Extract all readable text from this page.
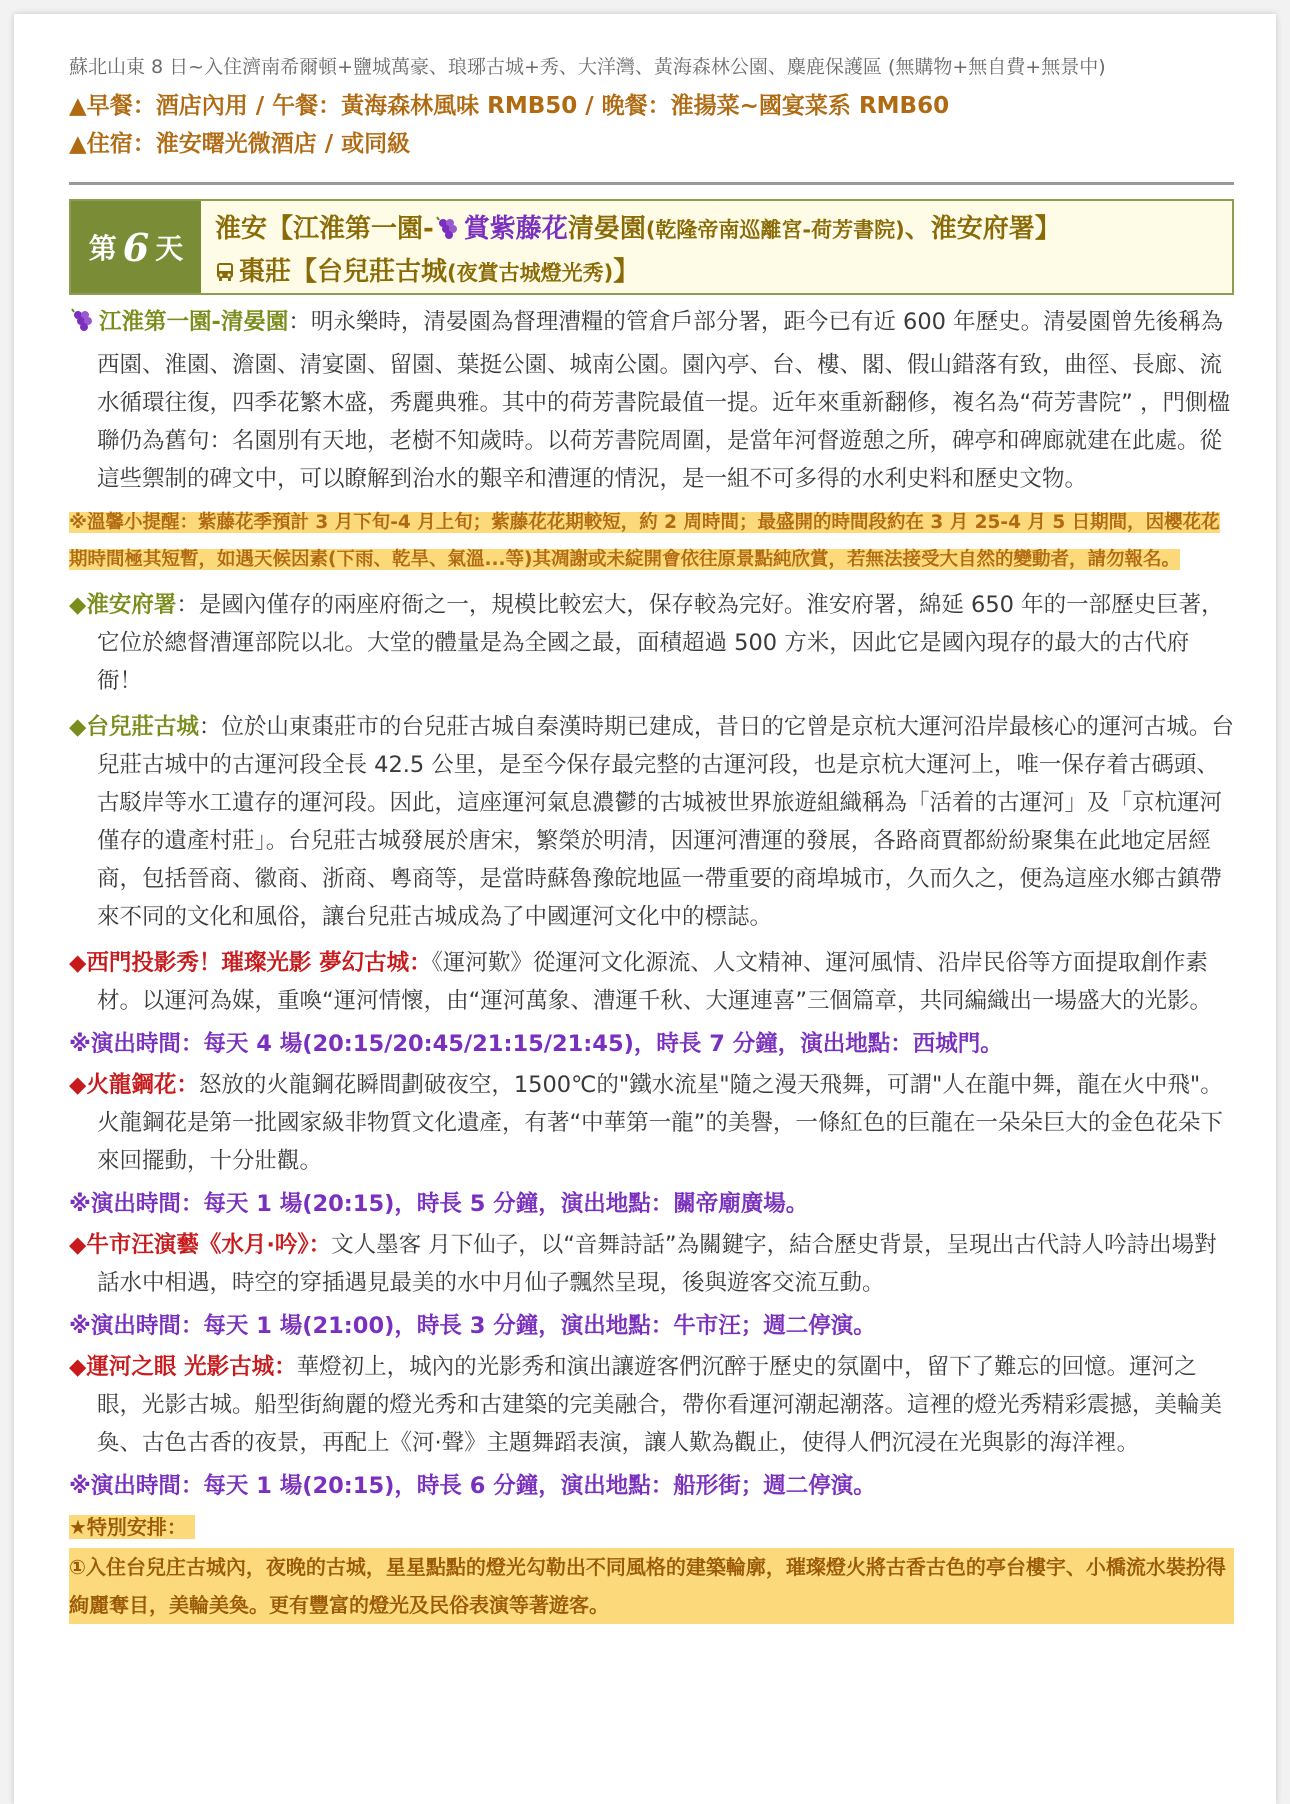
蘇北山東 8 日~入住濟南希爾頓+鹽城萬豪、琅琊古城+秀、大洋灣、黃海森林公園、麋鹿保護區 (無購物+無自費+無景中)
▲早餐：酒店內用 / 午餐：黃海森林風味 RMB50 / 晚餐：淮揚菜~國宴菜系 RMB60
▲住宿：淮安曙光微酒店 / 或同級
第 6 天
淮安【江淮第一園- 賞紫藤花清晏園(乾隆帝南巡離宮-荷芳書院)、淮安府署】
棗莊【台兒莊古城(夜賞古城燈光秀)】
江淮第一園-清晏園：明永樂時，清晏園為督理漕糧的管倉戶部分署，距今已有近 600 年歷史。清晏園曾先後稱為西園、淮園、澹園、清宴園、留園、葉挺公園、城南公園。園內亭、台、樓、閣、假山錯落有致，曲徑、長廊、流水循環往復，四季花繁木盛，秀麗典雅。其中的荷芳書院最值一提。近年來重新翻修，複名為“荷芳書院” ，門側楹聯仍為舊句：名園別有天地，老樹不知歲時。以荷芳書院周圍，是當年河督遊憩之所，碑亭和碑廊就建在此處。從這些禦制的碑文中，可以瞭解到治水的艱辛和漕運的情況，是一組不可多得的水利史料和歷史文物。
※溫馨小提醒：紫藤花季預計 3 月下旬-4 月上旬；紫藤花花期較短，約 2 周時間；最盛開的時間段約在 3 月 25-4 月 5 日期間，因櫻花花期時間極其短暫，如遇天候因素(下雨、乾旱、氣溫...等)其凋謝或未綻開會依往原景點純欣賞，若無法接受大自然的變動者，請勿報名。
◆淮安府署：是國內僅存的兩座府衙之一，規模比較宏大，保存較為完好。淮安府署，綿延 650 年的一部歷史巨著，它位於總督漕運部院以北。大堂的體量是為全國之最，面積超過 500 方米，因此它是國內現存的最大的古代府衙！
◆台兒莊古城：位於山東棗莊市的台兒莊古城自秦漢時期已建成，昔日的它曾是京杭大運河沿岸最核心的運河古城。台兒莊古城中的古運河段全長 42.5 公里，是至今保存最完整的古運河段，也是京杭大運河上，唯一保存着古碼頭、古駁岸等水工遺存的運河段。因此，這座運河氣息濃鬱的古城被世界旅遊組織稱為「活着的古運河」及「京杭運河僅存的遺產村莊」。台兒莊古城發展於唐宋，繁榮於明清，因運河漕運的發展，各路商賈都紛紛聚集在此地定居經商，包括晉商、徽商、浙商、粵商等，是當時蘇魯豫皖地區一帶重要的商埠城市，久而久之，便為這座水鄉古鎮帶來不同的文化和風俗，讓台兒莊古城成為了中國運河文化中的標誌。
◆西門投影秀！璀璨光影 夢幻古城：《運河歎》從運河文化源流、人文精神、運河風情、沿岸民俗等方面提取創作素材。以運河為媒，重喚“運河情懷，由“運河萬象、漕運千秋、大運連喜”三個篇章，共同編織出一場盛大的光影。
※演出時間：每天 4 場(20:15/20:45/21:15/21:45)，時長 7 分鐘，演出地點：西城門。
◆火龍鋼花：怒放的火龍鋼花瞬間劃破夜空，1500℃的"鐵水流星"隨之漫天飛舞，可謂"人在龍中舞，龍在火中飛"。火龍鋼花是第一批國家級非物質文化遺產，有著“中華第一龍”的美譽，一條紅色的巨龍在一朵朵巨大的金色花朵下來回擺動，十分壯觀。
※演出時間：每天 1 場(20:15)，時長 5 分鐘，演出地點：關帝廟廣場。
◆牛市汪演藝《水月·吟》：文人墨客 月下仙子，以“音舞詩話”為關鍵字，結合歷史背景，呈現出古代詩人吟詩出場對話水中相遇，時空的穿插遇見最美的水中月仙子飄然呈現，後與遊客交流互動。
※演出時間：每天 1 場(21:00)，時長 3 分鐘，演出地點：牛市汪；週二停演。
◆運河之眼 光影古城：華燈初上，城內的光影秀和演出讓遊客們沉醉于歷史的氛圍中，留下了難忘的回憶。運河之眼，光影古城。船型街絢麗的燈光秀和古建築的完美融合，帶你看運河潮起潮落。這裡的燈光秀精彩震撼，美輪美奐、古色古香的夜景，再配上《河·聲》主題舞蹈表演，讓人歎為觀止，使得人們沉浸在光與影的海洋裡。
※演出時間：每天 1 場(20:15)，時長 6 分鐘，演出地點：船形街；週二停演。
★特別安排：
①入住台兒庄古城內，夜晚的古城，星星點點的燈光勾勒出不同風格的建築輪廓，璀璨燈火將古香古色的亭台樓宇、小橋流水裝扮得絢麗奪目，美輪美奐。更有豐富的燈光及民俗表演等著遊客。
